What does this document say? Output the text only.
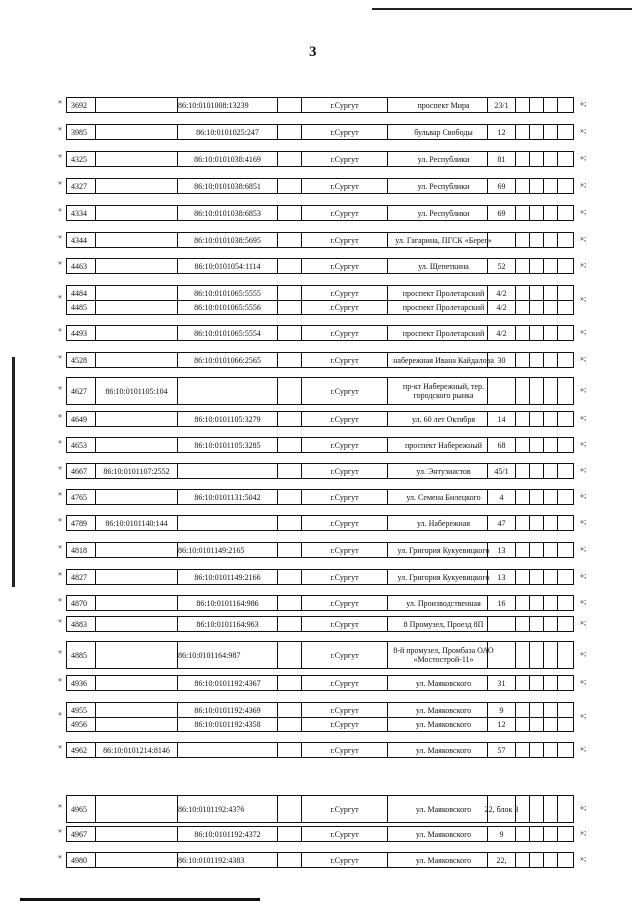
3
3692	86:10:0101008:13239	г.Сургут	проспект Мира	23/1
«	»;
3985	86:10:0101025:247	г.Сургут	бульвар Свободы	12
«	»;
4325	86:10:0101038:4169	г.Сургут	ул. Республики	81
«	»;
4327	86:10:0101038:6851	г.Сургут	ул. Республики	69
«	»;
4334	86:10:0101038:6853	г.Сургут	ул. Республики	69
«	»;
4344	86:10:0101038:5695	г.Сургут	ул. Гагарина, ПГСК «Берег»
«	»;
4463	86:10:0101054:1114	г.Сургут	ул. Щепеткина	52
«	»;
4484	86:10:0101065:5555	г.Сургут	проспект Пролетарский	4/2
4485	86:10:0101065:5556	г.Сургут	проспект Пролетарский	4/2
«	»;
4493	86:10:0101065:5554	г.Сургут	проспект Пролетарский	4/2
«	»;
4528	86:10:0101066:2565	г.Сургут	набережная Ивана Кайдалова 30
«	»;
4627	86:10:0101105:104	г.Сургут	пр-кт Набережный, тер. городского рынка
«	»;
4649	86:10:0101105:3279	г.Сургут	ул. 60 лет Октября	14
«	»;
4653	86:10:0101105:3285	г.Сургут	проспект Набережный	68
«	»;
4667	86:10:0101107:2552	г.Сургут	ул. Энтузиастов	45/1
«	»;
4765	86:10:0101131:5042	г.Сургут	ул. Семена Билецкого	4
«	»;
4789	86:10:0101140:144	г.Сургут	ул. Набережная	47
«	»;
4818	86:10:0101149:2165	г.Сургут	ул. Григория Кукуевицкого	13
«	»;
4827	86:10:0101149:2166	г.Сургут	ул. Григория Кукуевицкого	13
«	»;
4870	86:10:0101164:986	г.Сургут	ул. Производственная	16
«	»;
4883	86:10:0101164:963	г.Сургут	8 Промузел, Проезд 8П
«	»;
4885	86:10:0101164:987	г.Сургут	8-й промузел, Промбаза ОАО «Мостострой-11»
«	»;
4936	86:10:0101192:4367	г.Сургут	ул. Маяковского	31
«	»;
4955	86:10:0101192:4369	г.Сургут	ул. Маяковского	9
4956	86:10:0101192:4358	г.Сургут	ул. Маяковского	12
«	»;
4962	86:10:0101214:8146	г.Сургут	ул. Маяковского	57
«	»;
4965	86:10:0101192:4376	г.Сургут	ул. Маяковского	22, блок 3
«	»;
4967	86:10:0101192:4372	г.Сургут	ул. Маяковского	9
«	»;
4980	86:10:0101192:4383	г.Сургут	ул. Маяковского	22,
«	»;
